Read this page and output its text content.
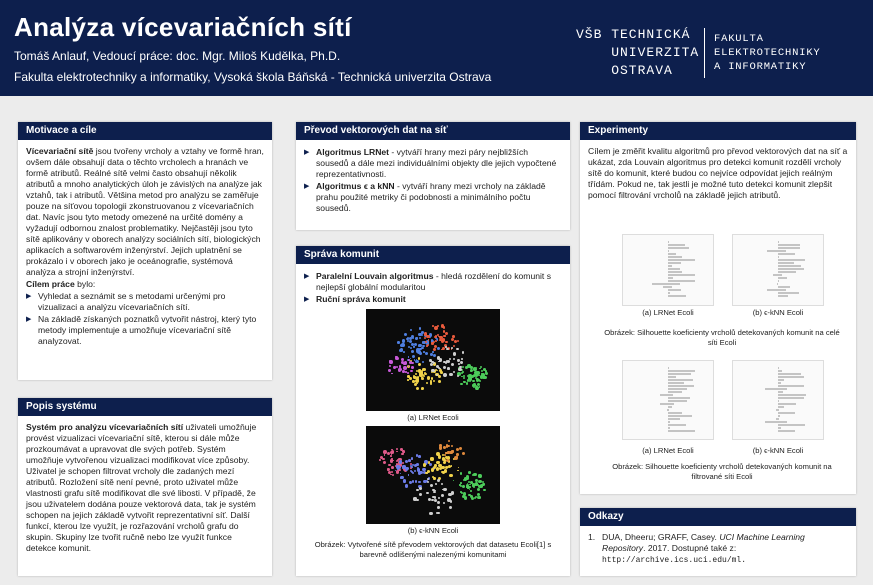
Analýza vícevariačních sítí
Tomáš Anlauf, Vedoucí práce: doc. Mgr. Miloš Kudělka, Ph.D.
Fakulta elektrotechniky a informatiky, Vysoká škola Báňská - Technická univerzita Ostrava
VŠB TECHNICKÁ
UNIVERZITA
OSTRAVA
FAKULTA
ELEKTROTECHNIKY
A INFORMATIKY
Motivace a cíle

Vícevariační sítě jsou tvořeny vrcholy a vztahy ve formě hran, ovšem dále obsahují data o těchto vrcholech a hranách ve formě atributů. Reálné sítě velmi často obsahují několik atributů a mnoho analytických úloh je závislých na analýze jak vztahů, tak i atributů. Většina metod pro analýzu se zaměřuje pouze na síťovou topologii zkonstruovanou z vícevariačních dat. Navíc jsou tyto metody omezené na určité domény a vyžadují odbornou znalost problematiky. Nejčastěji jsou tyto sítě aplikovány v oborech analýzy sociálních sítí, biologických aplikacích a softwarovém inženýrství. Jejich uplatnění se prokázalo i v oborech jako je oceánografie, systémová analýza a strojní inženýrství.

Cílem práce bylo:

▶ Vyhledat a seznámit se s metodami určenými pro vizualizaci a analýzu vícevariačních sítí.
▶ Na základě získaných poznatků vytvořit nástroj, který tyto metody implementuje a umožňuje vícevariační sítě analyzovat.
Popis systému

Systém pro analýzu vícevariačních sítí uživateli umožňuje provést vizualizaci vícevariační sítě, kterou si dále může prozkoumávat a upravovat dle svých potřeb. Systém umožňuje vytvořenou vizualizaci modifikovat více způsoby. Uživatel je schopen filtrovat vrcholy dle zadaných mezí atributů. Rozložení sítě není pevné, proto uživatel může vlastnosti grafu sítě modifikovat dle své libosti. V případě, že jsou uživatelem dodána pouze vektorová data, tak je systém schopen na jejich základě vytvořit reprezentativní síť. Další funkcí, kterou lze využít, je rozřazování vrcholů grafu do skupin. Skupiny lze tvořit ručně nebo lze využít funkce detekce komunit.

Převod vektorových dat na síť
▶ Algoritmus LRNet - vytváří hrany mezi páry nejbližších sousedů a dále mezi individuálními objekty dle jejich vypočtené reprezentativnosti.
▶ Algoritmus ϵ a kNN - vytváří hrany mezi vrcholy na základě prahu použité metriky či podobnosti a minimálního počtu sousedů.
Správa komunit
▶ Paralelní Louvain algoritmus - hledá rozdělení do komunit s nejlepší globální modularitou
▶ Ruční správa komunit
(a) LRNet Ecoli
(b) ϵ-kNN Ecoli
Obrázek: Vytvořené sítě převodem vektorových dat datasetu Ecoli[1] s barevně odlišenými nalezenými komunitami
Experimenty

Cílem je změřit kvalitu algoritmů pro převod vektorových dat na síť a ukázat, zda Louvain algoritmus pro detekci komunit rozdělí vrcholy sítě do komunit, které budou co nejvíce odpovídat jejich reálným třídám. Pokud ne, tak jestli je možné tuto detekci komunit zlepšit pomocí filtrování vrcholů na základě jejich atributů.

(a) LRNet Ecoli	(b) ϵ-kNN Ecoli
Obrázek: Silhouette koeficienty vrcholů detekovaných komunit na celé síti Ecoli
(a) LRNet Ecoli	(b) ϵ-kNN Ecoli
Obrázek: Silhouette koeficienty vrcholů detekovaných komunit na filtrované síti Ecoli
Odkazy
1. DUA, Dheeru; GRAFF, Casey. UCI Machine Learning Repository. 2017. Dostupné také z: http://archive.ics.uci.edu/ml.
